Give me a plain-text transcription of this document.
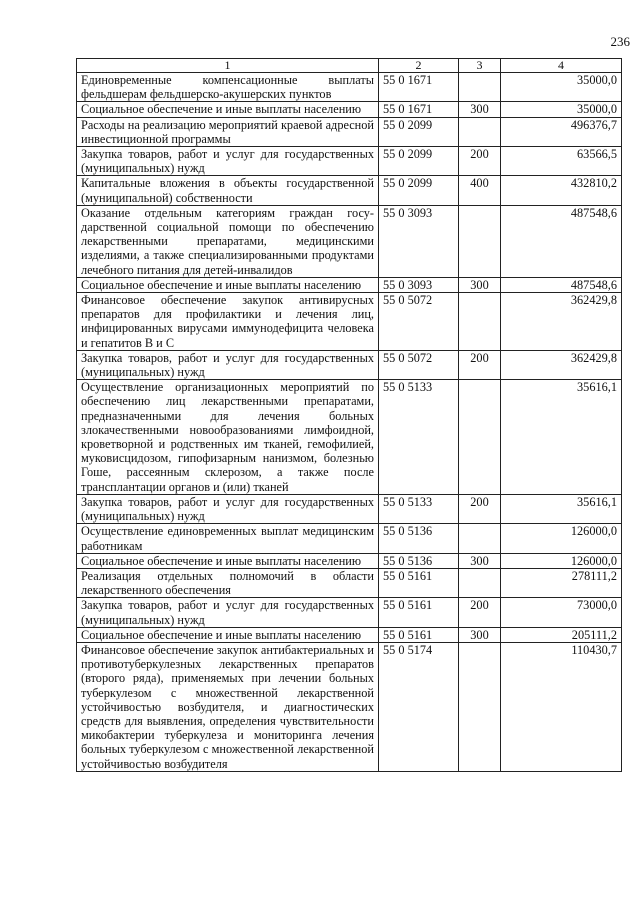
236
1	2	3	4
Единовременные компенсационные выплаты фельдшерам фельдшерско-акушерских пунктов	55 0 1671		35000,0
Социальное обеспечение и иные выплаты населению	55 0 1671	300	35000,0
Расходы на реализацию мероприятий краевой адресной инвестиционной программы	55 0 2099		496376,7
Закупка товаров, работ и услуг для государственных (муниципальных) нужд	55 0 2099	200	63566,5
Капитальные вложения в объекты государственной (муниципальной) собственности	55 0 2099	400	432810,2
Оказание отдельным категориям граждан государственной социальной помощи по обеспечению лекарственными препаратами, медицинскими изделиями, а также специализированными продуктами лечебного питания для детей-инвалидов	55 0 3093		487548,6
Социальное обеспечение и иные выплаты населению	55 0 3093	300	487548,6
Финансовое обеспечение закупок антивирусных препаратов для профилактики и лечения лиц, инфицированных вирусами иммунодефицита человека и гепатитов В и С	55 0 5072		362429,8
Закупка товаров, работ и услуг для государственных (муниципальных) нужд	55 0 5072	200	362429,8
Осуществление организационных мероприятий по обеспечению лиц лекарственными препаратами, предназначенными для лечения больных злокачественными новообразованиями лимфоидной, кроветворной и родственных им тканей, гемофилией, муковисцидозом, гипофизарным нанизмом, болезнью Гоше, рассеянным склерозом, а также после трансплантации органов и (или) тканей	55 0 5133		35616,1
Закупка товаров, работ и услуг для государственных (муниципальных) нужд	55 0 5133	200	35616,1
Осуществление единовременных выплат медицинским работникам	55 0 5136		126000,0
Социальное обеспечение и иные выплаты населению	55 0 5136	300	126000,0
Реализация отдельных полномочий в области лекарственного обеспечения	55 0 5161		278111,2
Закупка товаров, работ и услуг для государственных (муниципальных) нужд	55 0 5161	200	73000,0
Социальное обеспечение и иные выплаты населению	55 0 5161	300	205111,2
Финансовое обеспечение закупок антибактериальных и противотуберкулезных лекарственных препаратов (второго ряда), применяемых при лечении больных туберкулезом с множественной лекарственной устойчивостью возбудителя, и диагностических средств для выявления, определения чувствительности микобактерии туберкулеза и мониторинга лечения больных туберкулезом с множественной лекарственной устойчивостью возбудителя	55 0 5174		110430,7
